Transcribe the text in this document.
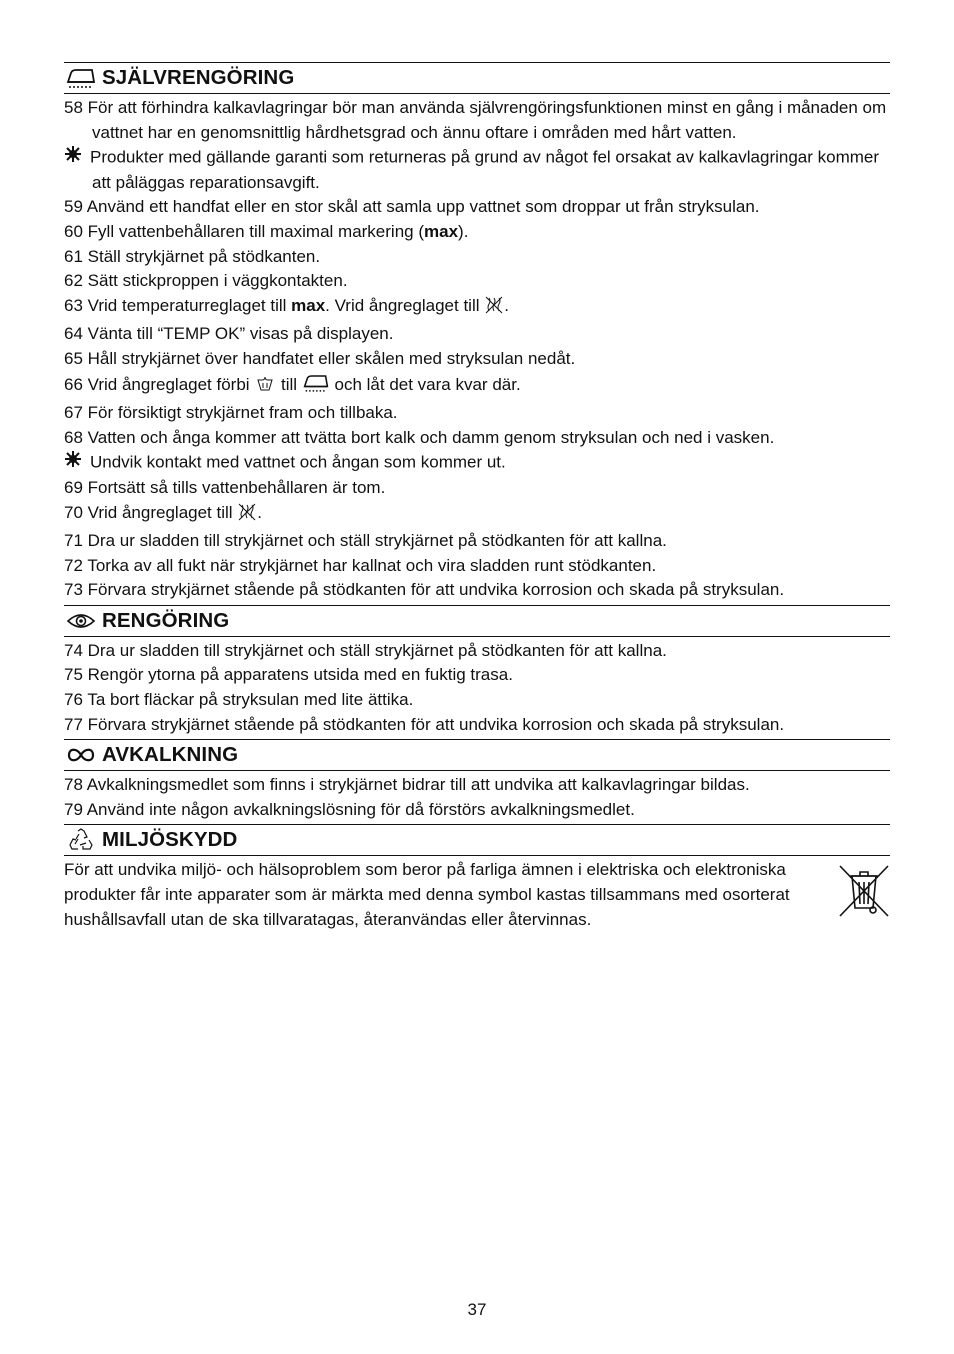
SJÄLVRENGÖRING
58 För att förhindra kalkavlagringar bör man använda självrengöringsfunktionen minst en gång i månaden om vattnet har en genomsnittlig hårdhetsgrad och ännu oftare i områden med hårt vatten.
Produkter med gällande garanti som returneras på grund av något fel orsakat av kalkavlagringar kommer att påläggas reparationsavgift.
59 Använd ett handfat eller en stor skål att samla upp vattnet som droppar ut från stryksulan.
60 Fyll vattenbehållaren till maximal markering (max).
61 Ställ strykjärnet på stödkanten.
62 Sätt stickproppen i väggkontakten.
63 Vrid temperaturreglaget till max. Vrid ångreglaget till .
64 Vänta till “TEMP OK” visas på displayen.
65 Håll strykjärnet över handfatet eller skålen med stryksulan nedåt.
66 Vrid ångreglaget förbi  till  och låt det vara kvar där.
67 För försiktigt strykjärnet fram och tillbaka.
68 Vatten och ånga kommer att tvätta bort kalk och damm genom stryksulan och ned i vasken.
Undvik kontakt med vattnet och ångan som kommer ut.
69 Fortsätt så tills vattenbehållaren är tom.
70 Vrid ångreglaget till .
71 Dra ur sladden till strykjärnet och ställ strykjärnet på stödkanten för att kallna.
72 Torka av all fukt när strykjärnet har kallnat och vira sladden runt stödkanten.
73 Förvara strykjärnet stående på stödkanten för att undvika korrosion och skada på stryksulan.
RENGÖRING
74 Dra ur sladden till strykjärnet och ställ strykjärnet på stödkanten för att kallna.
75 Rengör ytorna på apparatens utsida med en fuktig trasa.
76 Ta bort fläckar på stryksulan med lite ättika.
77 Förvara strykjärnet stående på stödkanten för att undvika korrosion och skada på stryksulan.
AVKALKNING
78 Avkalkningsmedlet som finns i strykjärnet bidrar till att undvika att kalkavlagringar bildas.
79 Använd inte någon avkalkningslösning för då förstörs avkalkningsmedlet.
MILJÖSKYDD
För att undvika miljö- och hälsoproblem som beror på farliga ämnen i elektriska och elektroniska produkter får inte apparater som är märkta med denna symbol kastas tillsammans med osorterat hushållsavfall utan de ska tillvaratagas, återanvändas eller återvinnas.
37
